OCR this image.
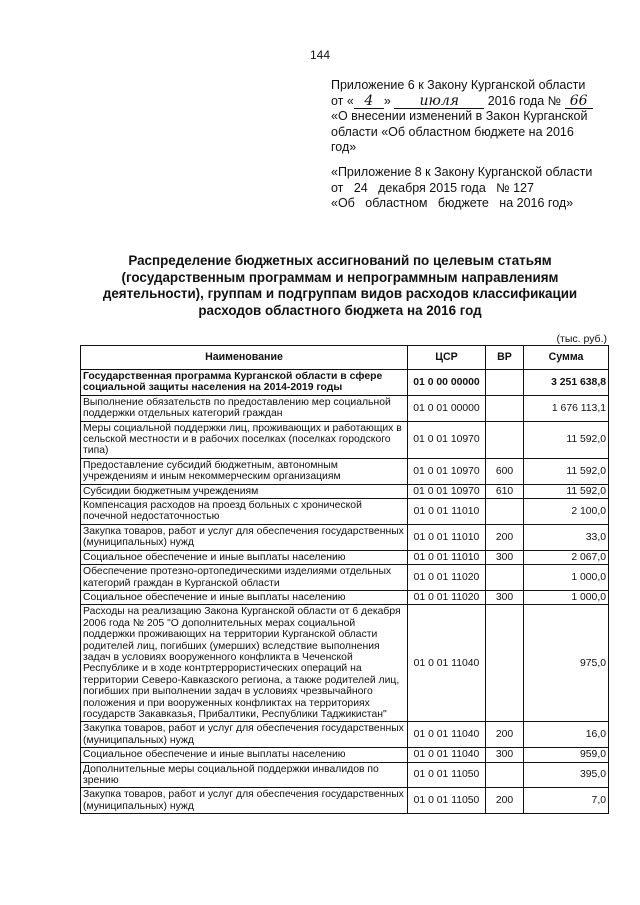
144
Приложение 6 к Закону Курганской области
от « 4 » июля 2016 года № 66
«О внесении изменений в Закон Курганской
области «Об областном бюджете на 2016
год»
«Приложение 8 к Закону Курганской области
от   24   декабря 2015 года   № 127
«Об   областном   бюджете   на 2016 год»
Распределение бюджетных ассигнований по целевым статьям (государственным программам и непрограммным направлениям деятельности), группам и подгруппам видов расходов классификации расходов областного бюджета на 2016 год
(тыс. руб.)
Наименование	ЦСР	ВР	Сумма
Государственная программа Курганской области в сфере социальной защиты населения на 2014-2019 годы	01 0 00 00000		3 251 638,8
Выполнение обязательств по предоставлению мер социальной поддержки отдельных категорий граждан	01 0 01 00000		1 676 113,1
Меры социальной поддержки лиц, проживающих и работающих в сельской местности и в рабочих поселках (поселках городского типа)	01 0 01 10970		11 592,0
Предоставление субсидий бюджетным, автономным учреждениям и иным некоммерческим организациям	01 0 01 10970	600	11 592,0
Субсидии бюджетным учреждениям	01 0 01 10970	610	11 592,0
Компенсация расходов на проезд больных с хронической почечной недостаточностью	01 0 01 11010		2 100,0
Закупка товаров, работ и услуг для обеспечения государственных (муниципальных) нужд	01 0 01 11010	200	33,0
Социальное обеспечение и иные выплаты населению	01 0 01 11010	300	2 067,0
Обеспечение протезно-ортопедическими изделиями отдельных категорий граждан в Курганской области	01 0 01 11020		1 000,0
Социальное обеспечение и иные выплаты населению	01 0 01 11020	300	1 000,0
Расходы на реализацию Закона Курганской области от 6 декабря 2006 года № 205 "О дополнительных мерах социальной поддержки проживающих на территории Курганской области родителей лиц, погибших (умерших) вследствие выполнения задач в условиях вооруженного конфликта в Чеченской Республике и в ходе контртеррористических операций на территории Северо-Кавказского региона, а также родителей лиц, погибших при выполнении задач в условиях чрезвычайного положения и при вооруженных конфликтах на территориях государств Закавказья, Прибалтики, Республики Таджикистан"	01 0 01 11040		975,0
Закупка товаров, работ и услуг для обеспечения государственных (муниципальных) нужд	01 0 01 11040	200	16,0
Социальное обеспечение и иные выплаты населению	01 0 01 11040	300	959,0
Дополнительные меры социальной поддержки инвалидов по зрению	01 0 01 11050		395,0
Закупка товаров, работ и услуг для обеспечения государственных (муниципальных) нужд	01 0 01 11050	200	7,0
